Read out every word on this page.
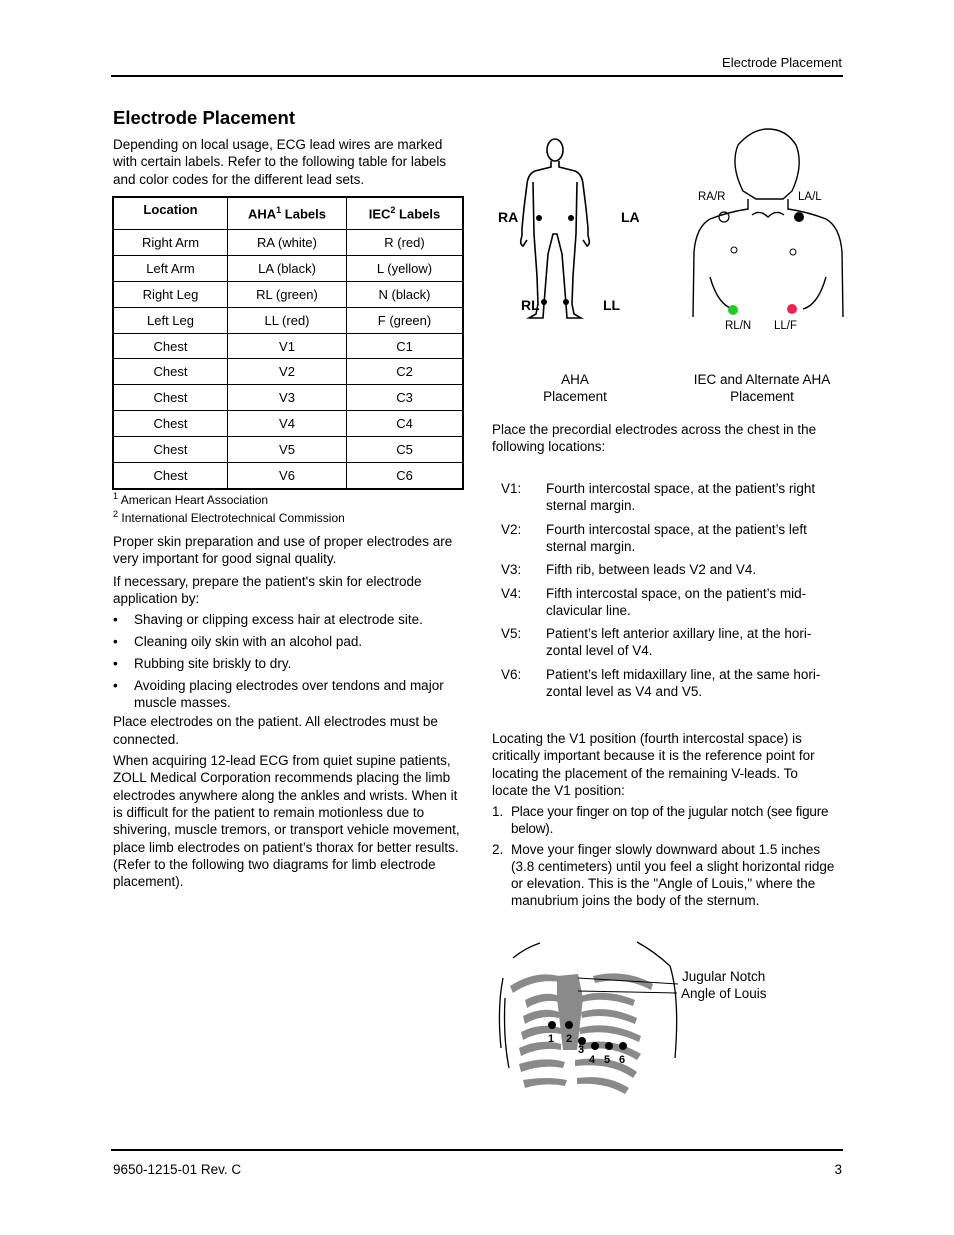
Electrode Placement
Electrode Placement

Depending on local usage, ECG lead wires are marked with certain labels. Refer to the following table for labels and color codes for the different lead sets.

Location	AHA$^1$ Labels	IEC$^2$ Labels
Right Arm	RA (white)	R (red)
Left Arm	LA (black)	L (yellow)
Right Leg	RL (green)	N (black)
Left Leg	LL (red)	F (green)
Chest	V1	C1
Chest	V2	C2
Chest	V3	C3
Chest	V4	C4
Chest	V5	C5
Chest	V6	C6
$^1$ American Heart Association
$^2$ International Electrotechnical Commission

Proper skin preparation and use of proper electrodes are very important for good signal quality.

If necessary, prepare the patient's skin for electrode application by:

• Shaving or clipping excess hair at electrode site.
• Cleaning oily skin with an alcohol pad.
• Rubbing site briskly to dry.
• Avoiding placing electrodes over tendons and major muscle masses.

Place electrodes on the patient. All electrodes must be connected.

When acquiring 12-lead ECG from quiet supine patients, ZOLL Medical Corporation recommends placing the limb electrodes anywhere along the ankles and wrists. When it is difficult for the patient to remain motionless due to shivering, muscle tremors, or transport vehicle movement, place limb electrodes on patient’s thorax for better results. (Refer to the following two diagrams for limb electrode placement).

RA	LA
RL	LL
RA/R	LA/L
RL/N LL/F
AHA
Placement
IEC and Alternate AHA
Placement

Place the precordial electrodes across the chest in the following locations:

V1: Fourth intercostal space, at the patient’s right sternal margin.
V2: Fourth intercostal space, at the patient’s left sternal margin.
V3: Fifth rib, between leads V2 and V4.
V4: Fifth intercostal space, on the patient’s mid-clavicular line.
V5: Patient’s left anterior axillary line, at the hori-zontal level of V4.
V6: Patient’s left midaxillary line, at the same hori-zontal level as V4 and V5.

Locating the V1 position (fourth intercostal space) is critically important because it is the reference point for locating the placement of the remaining V-leads. To locate the V1 position:

1. Place your finger on top of the jugular notch (see figure below).
2. Move your finger slowly downward about 1.5 inches (3.8 centimeters) until you feel a slight horizontal ridge or elevation. This is the "Angle of Louis," where the manubrium joins the body of the sternum.
1 2
3
4 5 6
Jugular Notch
Angle of Louis
9650-1215-01 Rev. C	3
